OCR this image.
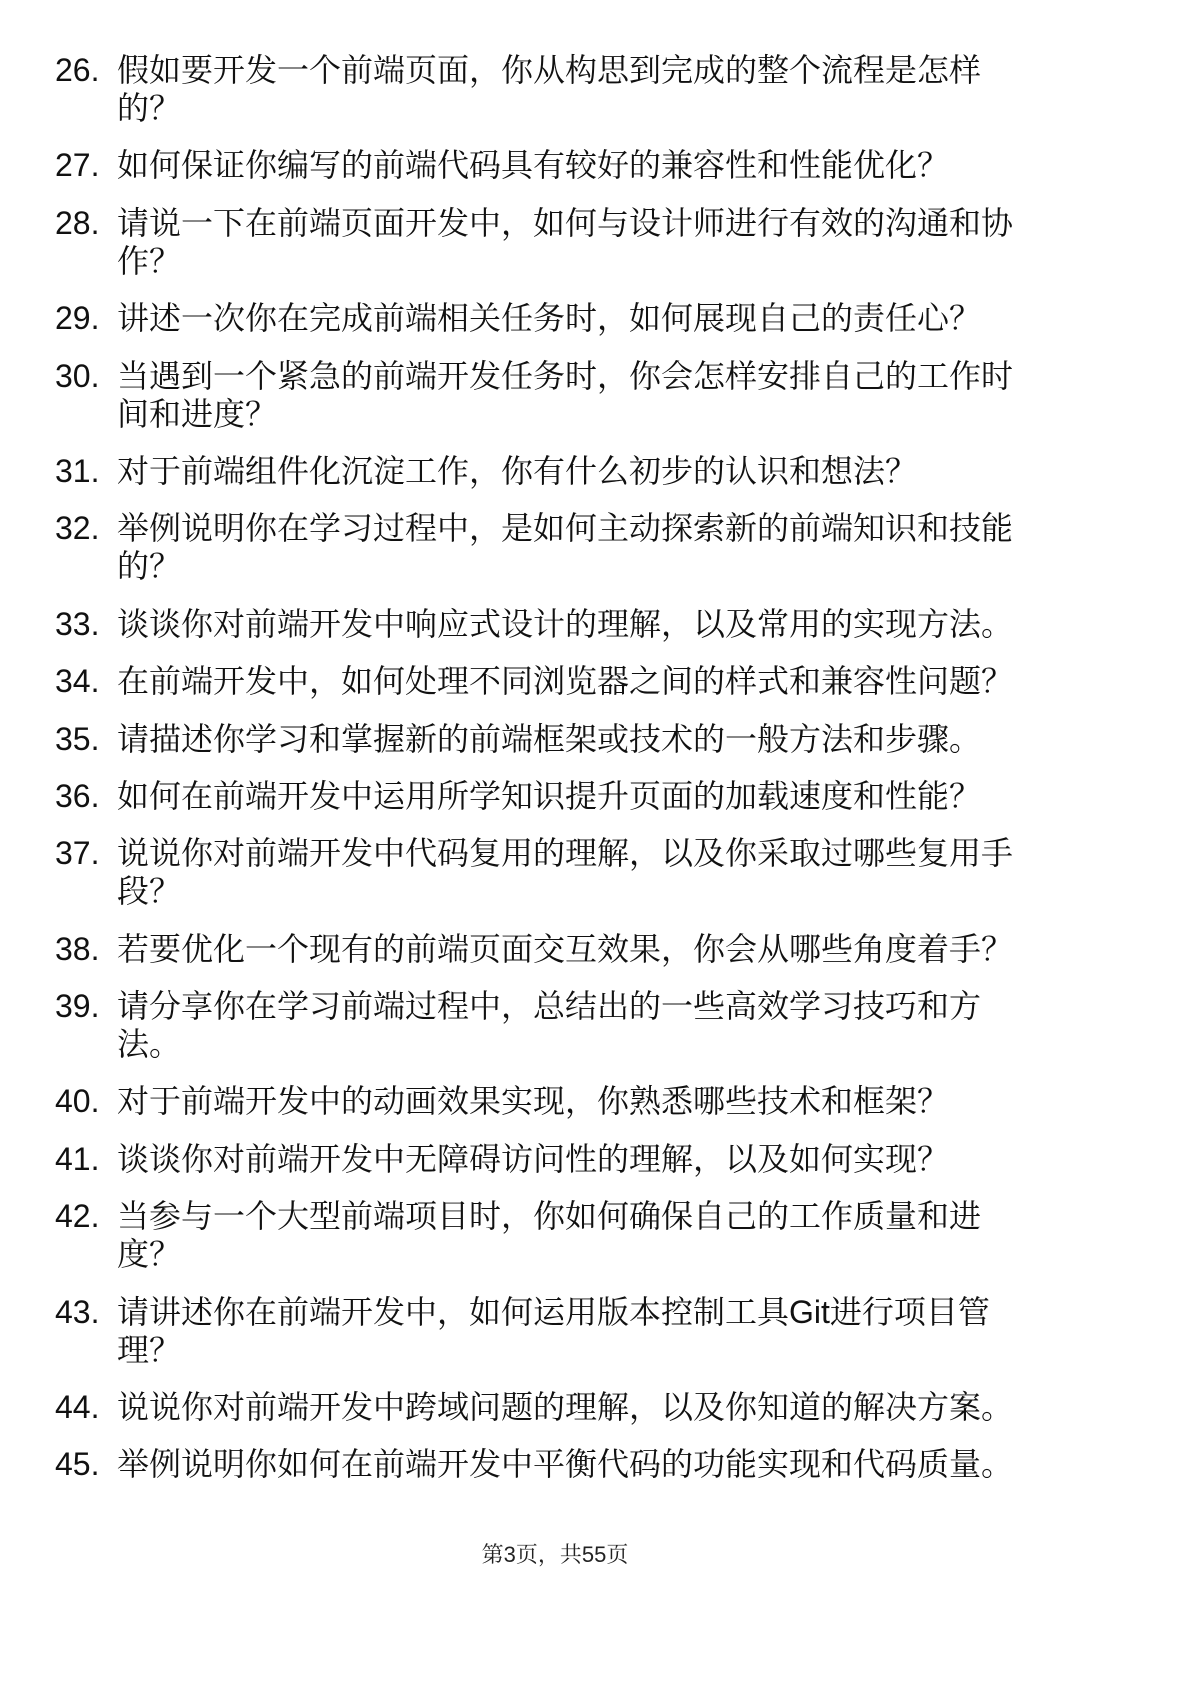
26. 假如要开发一个前端页面，你从构思到完成的整个流程是怎样的？
27. 如何保证你编写的前端代码具有较好的兼容性和性能优化？
28. 请说一下在前端页面开发中，如何与设计师进行有效的沟通和协作？
29. 讲述一次你在完成前端相关任务时，如何展现自己的责任心？
30. 当遇到一个紧急的前端开发任务时，你会怎样安排自己的工作时间和进度？
31. 对于前端组件化沉淀工作，你有什么初步的认识和想法？
32. 举例说明你在学习过程中，是如何主动探索新的前端知识和技能的？
33. 谈谈你对前端开发中响应式设计的理解，以及常用的实现方法。
34. 在前端开发中，如何处理不同浏览器之间的样式和兼容性问题？
35. 请描述你学习和掌握新的前端框架或技术的一般方法和步骤。
36. 如何在前端开发中运用所学知识提升页面的加载速度和性能？
37. 说说你对前端开发中代码复用的理解，以及你采取过哪些复用手段？
38. 若要优化一个现有的前端页面交互效果，你会从哪些角度着手？
39. 请分享你在学习前端过程中，总结出的一些高效学习技巧和方法。
40. 对于前端开发中的动画效果实现，你熟悉哪些技术和框架？
41. 谈谈你对前端开发中无障碍访问性的理解，以及如何实现？
42. 当参与一个大型前端项目时，你如何确保自己的工作质量和进度？
43. 请讲述你在前端开发中，如何运用版本控制工具Git进行项目管理？
44. 说说你对前端开发中跨域问题的理解，以及你知道的解决方案。
45. 举例说明你如何在前端开发中平衡代码的功能实现和代码质量。
第3页，共55页
